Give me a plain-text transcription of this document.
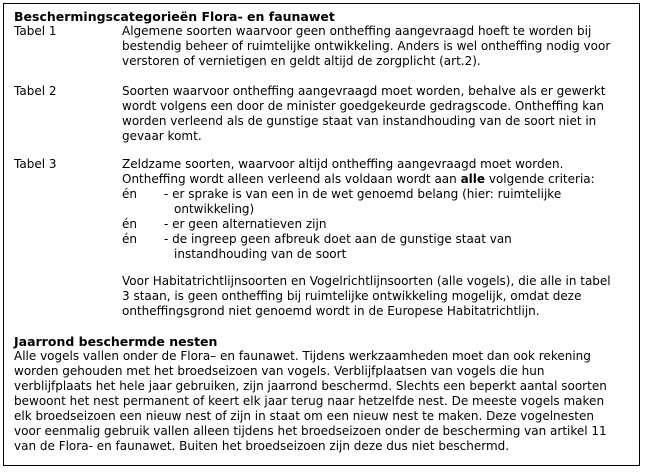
Beschermingscategorieën Flora- en faunawet
Tabel 1	Algemene soorten waarvoor geen ontheffing aangevraagd hoeft te worden bij
bestendig beheer of ruimtelijke ontwikkeling. Anders is wel ontheffing nodig voor
verstoren of vernietigen en geldt altijd de zorgplicht (art.2).
Tabel 2	Soorten waarvoor ontheffing aangevraagd moet worden, behalve als er gewerkt
wordt volgens een door de minister goedgekeurde gedragscode. Ontheffing kan
worden verleend als de gunstige staat van instandhouding van de soort niet in
gevaar komt.
Tabel 3	Zeldzame soorten, waarvoor altijd ontheffing aangevraagd moet worden.
Ontheffing wordt alleen verleend als voldaan wordt aan alle volgende criteria:
én - er sprake is van een in de wet genoemd belang (hier: ruimtelijke
ontwikkeling)
én - er geen alternatieven zijn
én - de ingreep geen afbreuk doet aan de gunstige staat van
instandhouding van de soort
Voor Habitatrichtlijnsoorten en Vogelrichtlijnsoorten (alle vogels), die alle in tabel
3 staan, is geen ontheffing bij ruimtelijke ontwikkeling mogelijk, omdat deze
ontheffingsgrond niet genoemd wordt in de Europese Habitatrichtlijn.
Jaarrond beschermde nesten
Alle vogels vallen onder de Flora– en faunawet. Tijdens werkzaamheden moet dan ook rekening
worden gehouden met het broedseizoen van vogels. Verblijfplaatsen van vogels die hun
verblijfplaats het hele jaar gebruiken, zijn jaarrond beschermd. Slechts een beperkt aantal soorten
bewoont het nest permanent of keert elk jaar terug naar hetzelfde nest. De meeste vogels maken
elk broedseizoen een nieuw nest of zijn in staat om een nieuw nest te maken. Deze vogelnesten
voor eenmalig gebruik vallen alleen tijdens het broedseizoen onder de bescherming van artikel 11
van de Flora- en faunawet. Buiten het broedseizoen zijn deze dus niet beschermd.
